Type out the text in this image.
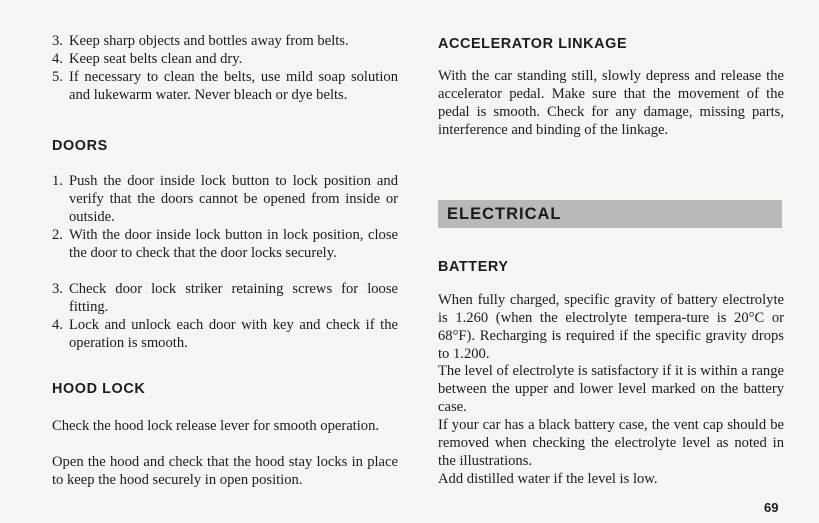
3. Keep sharp objects and bottles away from belts.
4. Keep seat belts clean and dry.
5. If necessary to clean the belts, use mild soap solution and lukewarm water. Never bleach or dye belts.
DOORS
1. Push the door inside lock button to lock position and verify that the doors cannot be opened from inside or outside.
2. With the door inside lock button in lock position, close the door to check that the door locks securely.
3. Check door lock striker retaining screws for loose fitting.
4. Lock and unlock each door with key and check if the operation is smooth.
HOOD LOCK

Check the hood lock release lever for smooth operation.

Open the hood and check that the hood stay locks in place to keep the hood securely in open position.

ACCELERATOR LINKAGE

With the car standing still, slowly depress and release the accelerator pedal. Make sure that the movement of the pedal is smooth. Check for any damage, missing parts, interference and binding of the linkage.

ELECTRICAL
BATTERY

When fully charged, specific gravity of battery electrolyte is 1.260 (when the electrolyte tempera-ture is 20°C or 68°F). Recharging is required if the specific gravity drops to 1.200.

The level of electrolyte is satisfactory if it is within a range between the upper and lower level marked on the battery case.

If your car has a black battery case, the vent cap should be removed when checking the electrolyte level as noted in the illustrations.

Add distilled water if the level is low.

69
